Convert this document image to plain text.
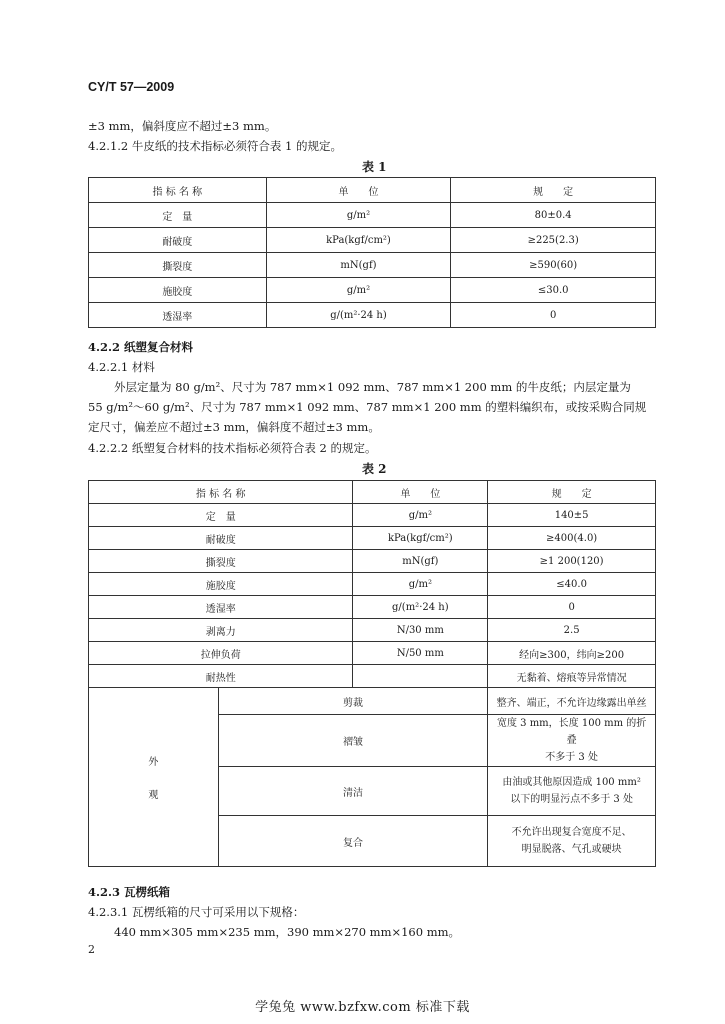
CY/T 57—2009
±3 mm，偏斜度应不超过±3 mm。
4.2.1.2 牛皮纸的技术指标必须符合表 1 的规定。
表 1
指 标 名 称	单　　位	规　　定
定　量	g/m²	80±0.4
耐破度	kPa(kgf/cm²)	≥225(2.3)
撕裂度	mN(gf)	≥590(60)
施胶度	g/m²	≤30.0
透湿率	g/(m²·24 h)	0
4.2.2 纸塑复合材料
4.2.2.1 材料
外层定量为 80 g/m²、尺寸为 787 mm×1 092 mm、787 mm×1 200 mm 的牛皮纸；内层定量为
55 g/m²～60 g/m²、尺寸为 787 mm×1 092 mm、787 mm×1 200 mm 的塑料编织布，或按采购合同规
定尺寸，偏差应不超过±3 mm，偏斜度不超过±3 mm。
4.2.2.2 纸塑复合材料的技术指标必须符合表 2 的规定。
表 2
指 标 名 称		单　　位	规　　定
定　量		g/m²	140±5
耐破度		kPa(kgf/cm²)	≥400(4.0)
撕裂度		mN(gf)	≥1 200(120)
施胶度		g/m²	≤40.0
透湿率		g/(m²·24 h)	0
剥离力		N/30 mm	2.5
拉伸负荷		N/50 mm	经向≥300，纬向≥200
耐热性			无黏着、熔痕等异常情况

外
观	剪裁		整齐、端正，不允许边缘露出单丝
	褶皱		宽度 3 mm，长度 100 mm 的折叠
不多于 3 处
	清洁		由油或其他原因造成 100 mm²
以下的明显污点不多于 3 处
	复合		不允许出现复合宽度不足、
明显脱落、气孔或硬块
4.2.3 瓦楞纸箱
4.2.3.1 瓦楞纸箱的尺寸可采用以下规格：
440 mm×305 mm×235 mm，390 mm×270 mm×160 mm。
2
学兔兔 www.bzfxw.com 标准下载
